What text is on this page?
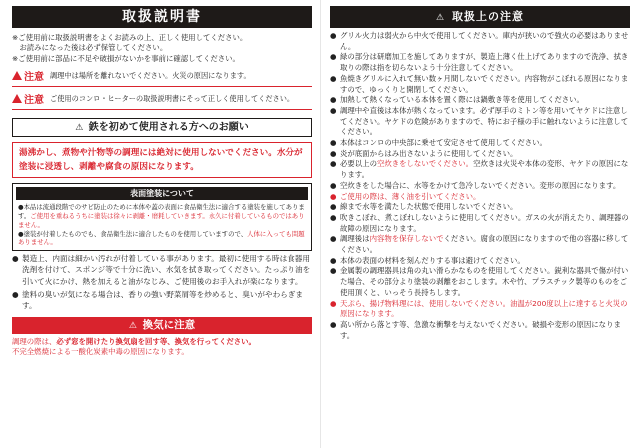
取扱説明書
※ご使用前に取扱説明書をよくお読みの上、正しく使用してください。
　お読みになった後は必ず保管してください。
※ご使用前に部品に不足や破損がないかを事前に確認してください。
注意 調理中は場所を離れないでください。火災の原因になります。
注意 ご使用のコンロ・ヒーターの取扱説明書にそって正しく使用してください。
⚠ 鉄を初めて使用される方へのお願い
湯沸かし、煮物や汁物等の調理には絶対に使用しないでください。水分が塗装に浸透し、剥離や腐食の原因になります。
表面塗装について
●本品は流通段階でのサビ防止のために本体や蓋の表面に食品衛生法に適合する塗装を施してあります。ご使用を重ねるうちに塗装は徐々に剥離・磨耗していきます。永久に付着しているものではありません。
●塗装が付着したものでも、食品衛生法に適合したものを使用していますので、人体に入っても問題ありません。
● 製造上、内面は細かい汚れが付着している事があります。最初に使用する時は食器用洗剤を付けて、スポンジ等で十分に洗い、水気を拭き取ってください。たっぷり油を引いて火にかけ、熱を加えると油がなじみ、ご使用後のお手入れが楽になります。
● 塗料の臭いが気になる場合は、香りの強い野菜屑等を炒めると、臭いがやわらぎます。
⚠ 換気に注意
調理の際は、必ず窓を開けたり換気扇を回す等、換気を行ってください。
不完全燃焼による一酸化炭素中毒の原因になります。
⚠ 取扱上の注意
● グリル火力は弱火から中火で使用してください。庫内が狭いので強火の必要はありません。
● 緑の部分は研磨加工を施してありますが、製造上薄く仕上げてありますので洗浄、拭き取りの際は指を切らないよう十分注意してください。
● 魚焼きグリルに入れて無い数ヶ月間しないでください。内容物がこぼれる原因になりますので、ゆっくりと開閉してください。
● 加熱して熱くなっている本体を置く際には鍋敷き等を使用してください。
● 調理中や直後は本体が熱くなっています。必ず厚手のミトン等を用いてヤケドに注意してください。ヤケドの危険がありますので、特にお子様の手に触れないように注意してください。
● 本体はコンロの中央部に乗せて安定させて使用してください。
● 炎が底面からはみ出さないように使用してください。
● 必要以上の空炊きをしないでください。空炊きは火災や本体の変形、ヤケドの原因になります。
● 空炊きをした場合に、水等をかけて急冷しないでください。変形の原因になります。
● ご使用の際は、薄く油を引いてください。
● 線まで水等を満たした状態で使用しないでください。
● 吹きこぼれ、煮こぼれしないように使用してください。ガスの火が消えたり、調理器の故障の原因になります。
● 調理後は内容物を保存しないでください。腐食の原因になりますので他の容器に移してください。
● 本体の表面の材料を刻んだりする事は避けてください。
● 金属製の調理器具は角の丸い滑らかなものを使用してください。鋭利な器具で傷が付いた場合、その部分より塗装の剥離をおこします。木や竹、プラスチック製等のものをご使用頂くと、いっそう長持ちします。
● 天ぷら、揚げ物料理には、使用しないでください。油温が200度以上に達すると火災の原因になります。
● 高い所から落とす等、急激な衝撃を与えないでください。破損や変形の原因になります。
